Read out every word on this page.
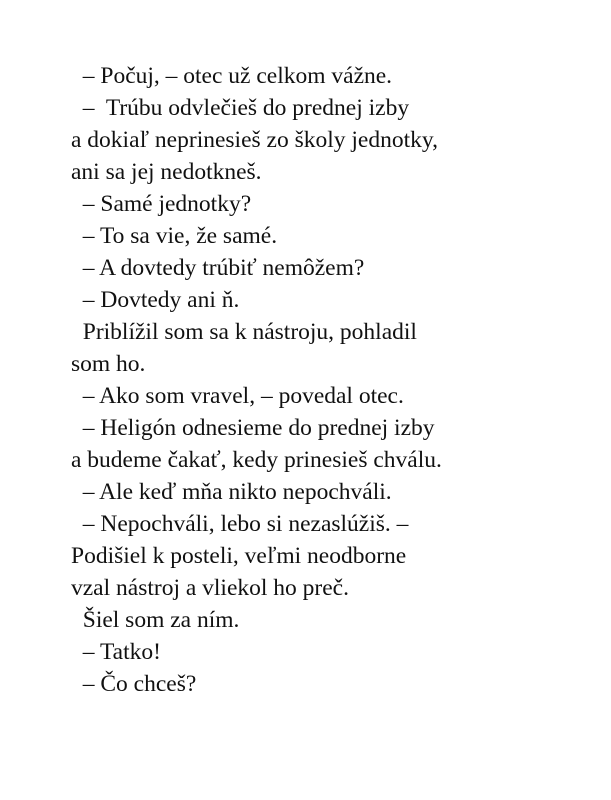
– Počuj, – otec už celkom vážne.

–  Trúbu odvlečieš do prednej izby

a dokiaľ neprinesieš zo školy jednotky,

ani sa jej nedotkneš.

– Samé jednotky?

– To sa vie, že samé.

– A dovtedy trúbiť nemôžem?

– Dovtedy ani ň.

Priblížil som sa k nástroju, pohladil

som ho.

– Ako som vravel, – povedal otec.

– Heligón odnesieme do prednej izby

a budeme čakať, kedy prinesieš chválu.

– Ale keď mňa nikto nepochváli.

– Nepochváli, lebo si nezaslúžiš. –

Podišiel k posteli, veľmi neodborne

vzal nástroj a vliekol ho preč.

Šiel som za ním.

– Tatko!

– Čo chceš?
